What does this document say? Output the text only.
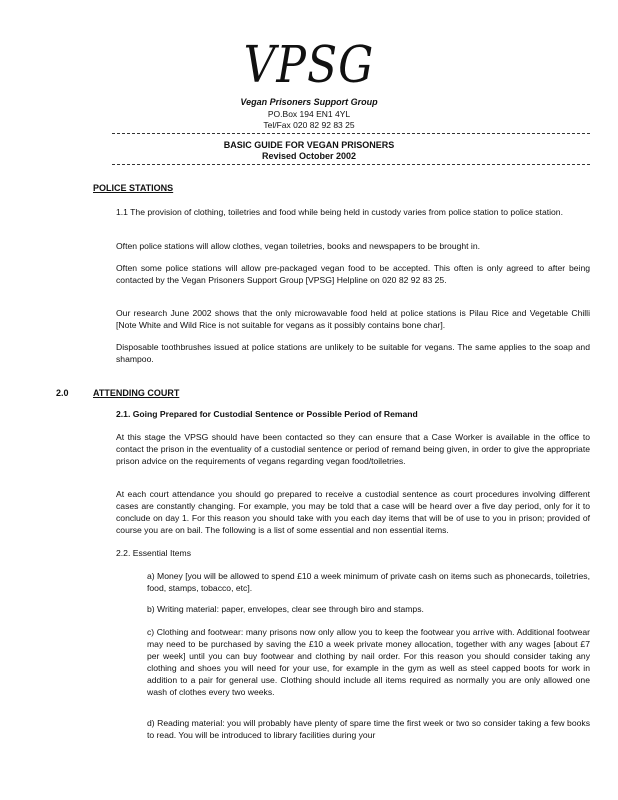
VPSG
Vegan Prisoners Support Group
PO.Box 194 EN1 4YL
Tel/Fax 020 82 92 83 25
BASIC GUIDE FOR VEGAN PRISONERS
Revised October 2002
POLICE STATIONS
1.1 The provision of clothing, toiletries and food while being held in custody varies from police station to police station.
Often police stations will allow clothes, vegan toiletries, books and newspapers to be brought in.
Often some police stations will allow pre-packaged vegan food to be accepted. This often is only agreed to after being contacted by the Vegan Prisoners Support Group [VPSG] Helpline on 020 82 92 83 25.
Our research June 2002 shows that the only microwavable food held at police stations is Pilau Rice and Vegetable Chilli [Note White and Wild Rice is not suitable for vegans as it possibly contains bone char].
Disposable toothbrushes issued at police stations are unlikely to be suitable for vegans. The same applies to the soap and shampoo.
2.0	ATTENDING COURT
2.1. Going Prepared for Custodial Sentence or Possible Period of Remand
At this stage the VPSG should have been contacted so they can ensure that a Case Worker is available in the office to contact the prison in the eventuality of a custodial sentence or period of remand being given, in order to give the appropriate prison advice on the requirements of vegans regarding vegan food/toiletries.
At each court attendance you should go prepared to receive a custodial sentence as court procedures involving different cases are constantly changing. For example, you may be told that a case will be heard over a five day period, only for it to conclude on day 1. For this reason you should take with you each day items that will be of use to you in prison; provided of course you are on bail. The following is a list of some essential and non essential items.
2.2. Essential Items
a) Money [you will be allowed to spend £10 a week minimum of private cash on items such as phonecards, toiletries, food, stamps, tobacco, etc].
b) Writing material: paper, envelopes, clear see through biro and stamps.
c) Clothing and footwear: many prisons now only allow you to keep the footwear you arrive with. Additional footwear may need to be purchased by saving the £10 a week private money allocation, together with any wages [about £7 per week] until you can buy footwear and clothing by nail order. For this reason you should consider taking any clothing and shoes you will need for your use, for example in the gym as well as steel capped boots for work in addition to a pair for general use. Clothing should include all items required as normally you are only allowed one wash of clothes every two weeks.
d) Reading material: you will probably have plenty of spare time the first week or two so consider taking a few books to read. You will be introduced to library facilities during your
